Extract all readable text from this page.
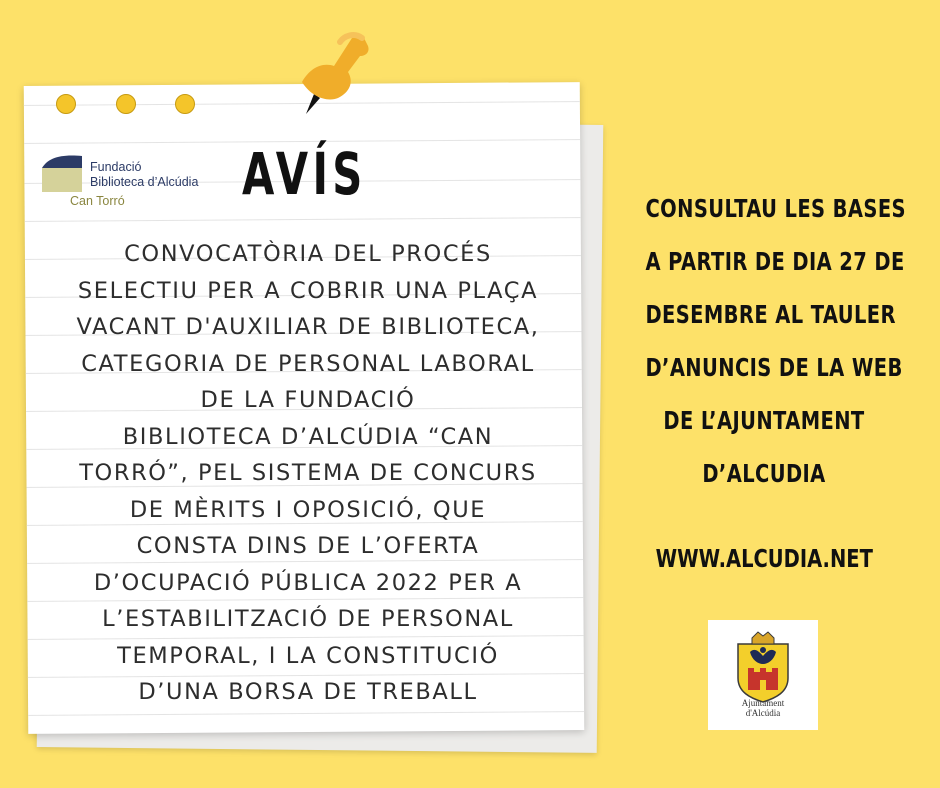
Fundació
Biblioteca d’Alcúdia
Can Torró AVÍS
CONVOCATÒRIA DEL PROCÉS
SELECTIU PER A COBRIR UNA PLAÇA
VACANT D'AUXILIAR DE BIBLIOTECA,
CATEGORIA DE PERSONAL LABORAL
DE LA FUNDACIÓ
BIBLIOTECA D’ALCÚDIA “CAN
TORRÓ”, PEL SISTEMA DE CONCURS
DE MÈRITS I OPOSICIÓ, QUE
CONSTA DINS DE L’OFERTA
D’OCUPACIÓ PÚBLICA 2022 PER A
L’ESTABILITZACIÓ DE PERSONAL
TEMPORAL, I LA CONSTITUCIÓ
D’UNA BORSA DE TREBALL
CONSULTAU LES BASES
A PARTIR DE DIA 27 DE
DESEMBRE AL TAULER
D’ANUNCIS DE LA WEB
DE L’AJUNTAMENT
D’ALCUDIA
WWW.ALCUDIA.NET
Ajuntament
d'Alcúdia
